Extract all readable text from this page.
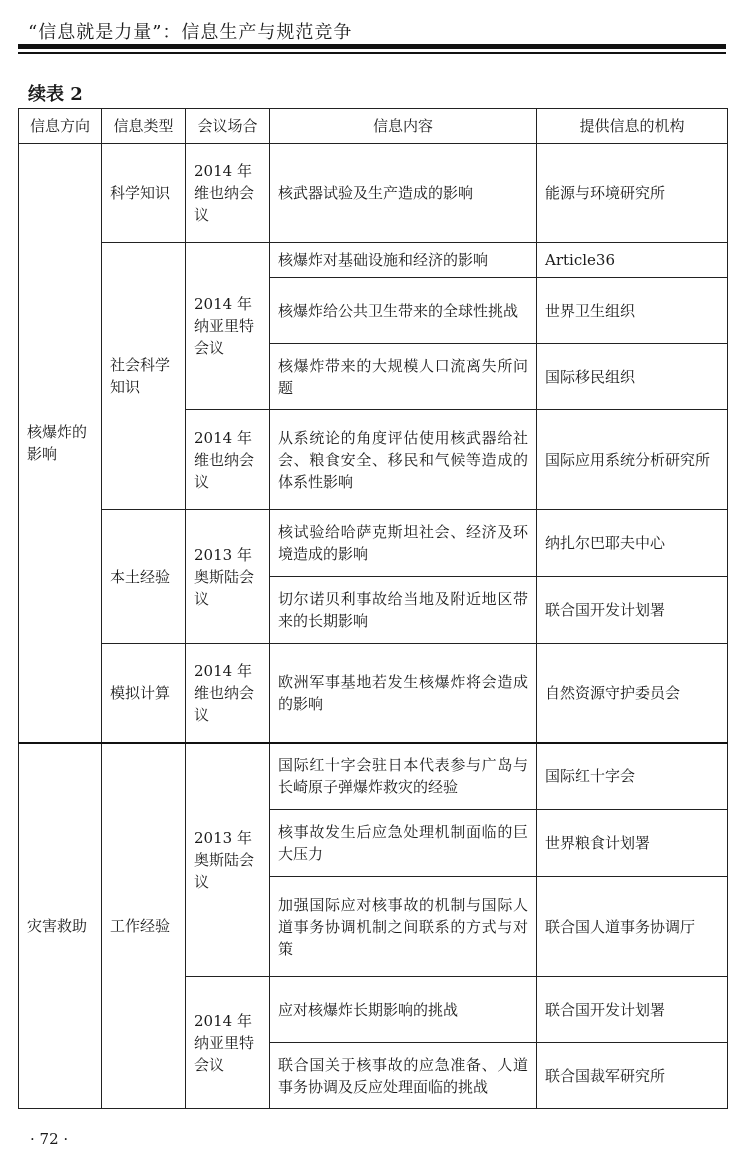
“信息就是力量”：信息生产与规范竞争
续表 2
信息方向	信息类型	会议场合	信息内容	提供信息的机构
核爆炸的影响	科学知识	2014 年维也纳会议	核武器试验及生产造成的影响	能源与环境研究所
	社会科学知识	2014 年纳亚里特会议	核爆炸对基础设施和经济的影响	Article36
			核爆炸给公共卫生带来的全球性挑战	世界卫生组织
			核爆炸带来的大规模人口流离失所问题	国际移民组织
		2014 年维也纳会议	从系统论的角度评估使用核武器给社会、粮食安全、移民和气候等造成的体系性影响	国际应用系统分析研究所
	本土经验	2013 年奥斯陆会议	核试验给哈萨克斯坦社会、经济及环境造成的影响	纳扎尔巴耶夫中心
			切尔诺贝利事故给当地及附近地区带来的长期影响	联合国开发计划署
	模拟计算	2014 年维也纳会议	欧洲军事基地若发生核爆炸将会造成的影响	自然资源守护委员会
灾害救助	工作经验	2013 年奥斯陆会议	国际红十字会驻日本代表参与广岛与长崎原子弹爆炸救灾的经验	国际红十字会
			核事故发生后应急处理机制面临的巨大压力	世界粮食计划署
			加强国际应对核事故的机制与国际人道事务协调机制之间联系的方式与对策	联合国人道事务协调厅
		2014 年纳亚里特会议	应对核爆炸长期影响的挑战	联合国开发计划署
			联合国关于核事故的应急准备、人道事务协调及反应处理面临的挑战	联合国裁军研究所
· 72 ·
